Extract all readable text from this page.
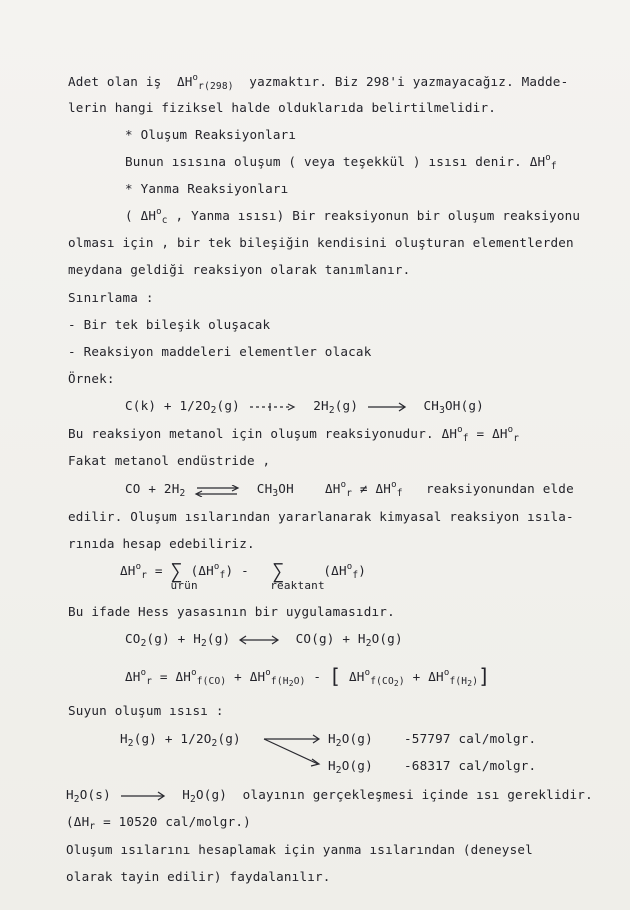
Adet olan iş $\Delta H^o_{r(298)}$ yazmaktır. Biz 298'i yazmayacağız. Madde-
lerin hangi fiziksel halde olduklarıda belirtilmelidir.
* Oluşum Reaksiyonları
Bunun ısısına oluşum ( veya teşekkül ) ısısı denir. $\Delta H^o_f$
* Yanma Reaksiyonları
( $\Delta H^o_c$ , Yanma ısısı) Bir reaksiyonun bir oluşum reaksiyonu
olması için , bir tek bileşiğin kendisini oluşturan elementlerden
meydana geldiği reaksiyon olarak tanımlanır.
Sınırlama :
- Bir tek bileşik oluşacak
- Reaksiyon maddeleri elementler olacak
Örnek:
$C(k) + 1/2O_2(g)$	$2H_2(g)$	$CH_3OH(g)$
Bu reaksiyon metanol için oluşum reaksiyonudur. $\Delta H^o_f = \Delta H^o_r$
Fakat metanol endüstride ,
CO + $2H_2$ ⇌ $CH_3OH$ $\Delta H^o_r \ne \Delta H^o_f$ reaksiyonundan elde
edilir. Oluşum ısılarından yararlanarak kimyasal reaksiyon ısıla-
rınıda hesap edebiliriz.
$\Delta H^o_r$ = ∑
ürün
$(\Delta H^o_f)$ - ∑
reaktant
$(\Delta H^o_f)$
Bu ifade Hess yasasının bir uygulamasıdır.
$CO_2(g) + H_2(g)$	$CO(g) + H_2O(g)$
$\Delta H^o_r = \Delta H^o_{f(CO)} + \Delta H^o_{f(H_2O)}$ - [ $\Delta H^o_{f(CO_2)} + \Delta H^o_{f(H_2)}$]
Suyun oluşum ısısı :
$H_2(g) + 1/2O_2(g)$	$H_2O(g)$ -57797 cal/molgr.
$H_2O(g)$ -68317 cal/molgr.
$H_2O(s)$	$H_2O(g)$ olayının gerçekleşmesi içinde ısı gereklidir.
($\Delta H_r = 10520$ cal/molgr.)
Oluşum ısılarını hesaplamak için yanma ısılarından (deneysel
olarak tayin edilir) faydalanılır.
